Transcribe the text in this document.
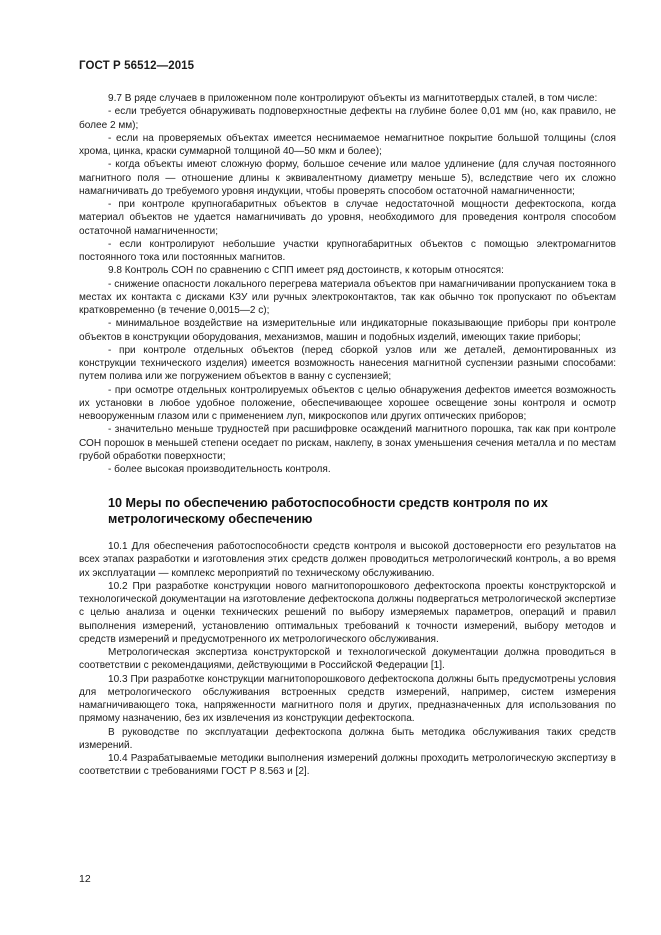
ГОСТ Р 56512—2015

9.7 В ряде случаев в приложенном поле контролируют объекты из магнитотвердых сталей, в том числе:

- если требуется обнаруживать подповерхностные дефекты на глубине более 0,01 мм (но, как правило, не более 2 мм);

- если на проверяемых объектах имеется неснимаемое немагнитное покрытие большой толщины (слоя хрома, цинка, краски суммарной толщиной 40—50 мкм и более);

- когда объекты имеют сложную форму, большое сечение или малое удлинение (для случая постоянного магнитного поля — отношение длины к эквивалентному диаметру меньше 5), вследствие чего их сложно намагничивать до требуемого уровня индукции, чтобы проверять способом остаточной намагниченности;

- при контроле крупногабаритных объектов в случае недостаточной мощности дефектоскопа, когда материал объектов не удается намагничивать до уровня, необходимого для проведения контроля способом остаточной намагниченности;

- если контролируют небольшие участки крупногабаритных объектов с помощью электромагнитов постоянного тока или постоянных магнитов.

9.8 Контроль СОН по сравнению с СПП имеет ряд достоинств, к которым относятся:

- снижение опасности локального перегрева материала объектов при намагничивании пропусканием тока в местах их контакта с дисками КЗУ или ручных электроконтактов, так как обычно ток пропускают по объектам кратковременно (в течение 0,0015—2 с);

- минимальное воздействие на измерительные или индикаторные показывающие приборы при контроле объектов в конструкции оборудования, механизмов, машин и подобных изделий, имеющих такие приборы;

- при контроле отдельных объектов (перед сборкой узлов или же деталей, демонтированных из конструкции технического изделия) имеется возможность нанесения магнитной суспензии разными способами: путем полива или же погружением объектов в ванну с суспензией;

- при осмотре отдельных контролируемых объектов с целью обнаружения дефектов имеется возможность их установки в любое удобное положение, обеспечивающее хорошее освещение зоны контроля и осмотр невооруженным глазом или с применением луп, микроскопов или других оптических приборов;

- значительно меньше трудностей при расшифровке осаждений магнитного порошка, так как при контроле СОН порошок в меньшей степени оседает по рискам, наклепу, в зонах уменьшения сечения металла и по местам грубой обработки поверхности;

- более высокая производительность контроля.

10 Меры по обеспечению работоспособности средств контроля по их метрологическому обеспечению

10.1 Для обеспечения работоспособности средств контроля и высокой достоверности его результатов на всех этапах разработки и изготовления этих средств должен проводиться метрологический контроль, а во время их эксплуатации — комплекс мероприятий по техническому обслуживанию.

10.2 При разработке конструкции нового магнитопорошкового дефектоскопа проекты конструкторской и технологической документации на изготовление дефектоскопа должны подвергаться метрологической экспертизе с целью анализа и оценки технических решений по выбору измеряемых параметров, операций и правил выполнения измерений, установлению оптимальных требований к точности измерений, выбору методов и средств измерений и предусмотренного их метрологического обслуживания.

Метрологическая экспертиза конструкторской и технологической документации должна проводиться в соответствии с рекомендациями, действующими в Российской Федерации [1].

10.3 При разработке конструкции магнитопорошкового дефектоскопа должны быть предусмотрены условия для метрологического обслуживания встроенных средств измерений, например, систем измерения намагничивающего тока, напряженности магнитного поля и других, предназначенных для использования по прямому назначению, без их извлечения из конструкции дефектоскопа.

В руководстве по эксплуатации дефектоскопа должна быть методика обслуживания таких средств измерений.

10.4 Разрабатываемые методики выполнения измерений должны проходить метрологическую экспертизу в соответствии с требованиями ГОСТ Р 8.563 и [2].

12
